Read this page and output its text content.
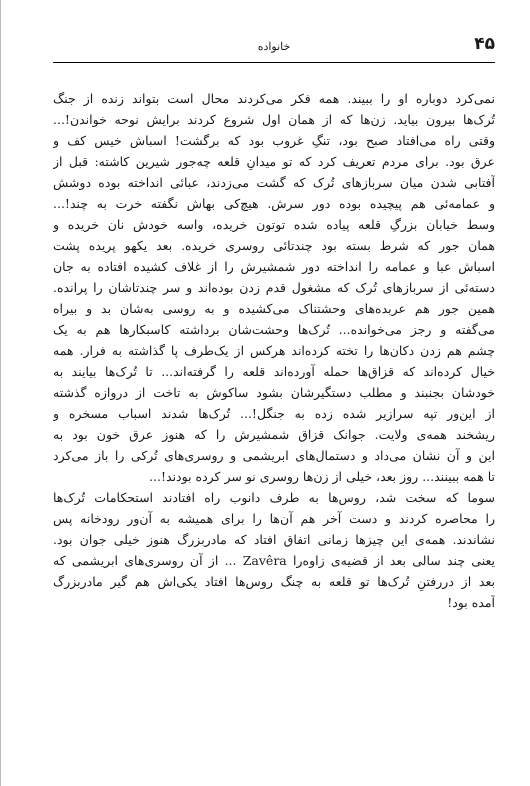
۴۵
خانواده
نمی‌کرد دوباره او را ببیند. همه فکر می‌کردند محال است بتواند زنده از جنگ
تُرک‌ها بیرون بیاید. زن‌ها که از همان اول شروع کردند برایش نوحه خواندن!...
وقتی راه می‌افتاد صبح بود، تنگِ غروب بود که برگشت! اسباش خیس کف و
عرق بود. برای مردم تعریف کرد که تو میدانِ قلعه چه‌جور شیرین کاشته: قبل از
آفتابی شدن میان سربازهای تُرک که گشت می‌زدند، عبائی انداخته بوده دوشش
و عمامه‌ئی هم پیچیده بوده دور سرش. هیچ‌کی بهاش نگفته خرت به چند!...
وسط خیابان بزرگِ قلعه پیاده شده توتون خریده، واسه خودش نان خریده و
همان جور که شرط بسته بود چندتائی روسری خریده. بعد یکهو پریده پشت
اسباش عبا و عمامه را انداخته دور شمشیرش را از غلاف کشیده افتاده به جان
دسته‌ئی از سربازهای تُرک که مشغول قدم زدن بوده‌اند و سر چندتاشان را پرانده.
همین جور هم عربده‌های وحشتناک می‌کشیده و به روسی به‌شان بد و بیراه
می‌گفته و رجز می‌خوانده... تُرک‌ها وحشت‌شان برداشته کاسبکارها هم به یک
چشم هم زدن دکان‌ها را تخته کرده‌اند هرکس از یک‌طرف پا گذاشته به فرار. همه
خیال کرده‌اند که قزاق‌ها حمله آورده‌اند قلعه را گرفته‌اند... تا تُرک‌ها بیایند به
خودشان بجنبند و مطلب دستگیرشان بشود ساکوش به تاخت از دروازه گذشته
از این‌ور تپه سرازیر شده زده به جنگل!... تُرک‌ها شدند اسباب مسخره و
ریشخند همه‌ی ولایت. جوانک قزاق شمشیرش را که هنوز عرق خون بود به
این و آن نشان می‌داد و دستمال‌های ابریشمی و روسری‌های تُرکی را باز می‌کرد
تا همه ببینند... روز بعد، خیلی از زن‌ها روسری نو سر کرده بودند!...
سوما که سخت شد، روس‌ها به طرف دانوب راه افتادند استحکامات تُرک‌ها
را محاصره کردند و دست آخر هم آن‌ها را برای همیشه به آن‌ور رودخانه پس
نشاندند. همه‌ی این چیزها زمانی اتفاق افتاد که مادربزرگ هنوز خیلی جوان بود.
یعنی چند سالی بعد از قضیه‌ی زاوه‌را Zavêra ... از آن روسری‌های ابریشمی که
بعد از دررفتنِ تُرک‌ها تو قلعه به چنگ روس‌ها افتاد یکی‌اش هم گیر مادربزرگ
آمده بود!
